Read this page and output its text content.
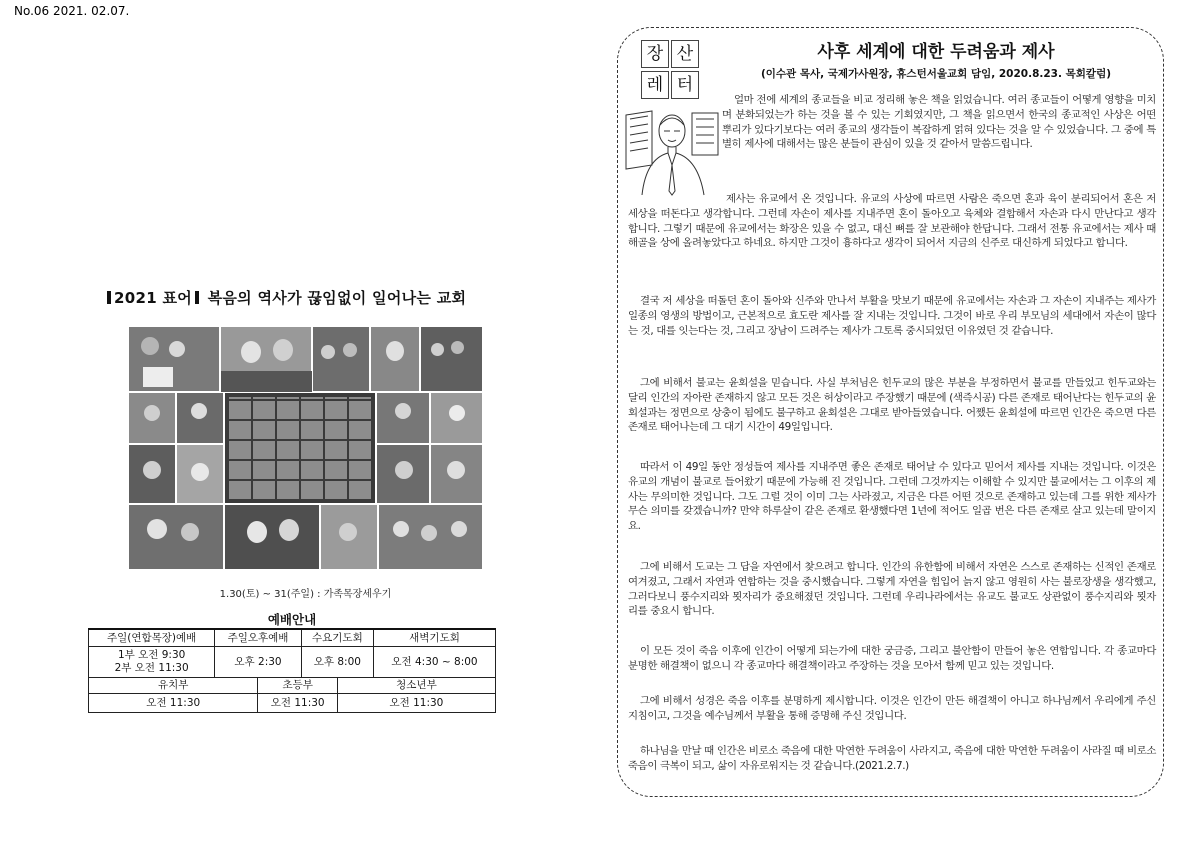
No.06 2021. 02.07.
2021 표어 복음의 역사가 끊임없이 일어나는 교회
1.30(토) ~ 31(주일) : 가족목장세우기
예배안내					
주일(연합목장)예배	주일오후예배		수요기도회		새벽기도회
1부 오전 9:30
2부 오전 11:30	오후 2:30		오후 8:00		오전 4:30 ~ 8:00
유치부		초등부		청소년부	
오전 11:30		오전 11:30		오전 11:30	
장 산
레 터
사후 세계에 대한 두려움과 제사
(이수관 목사, 국제가사원장, 휴스턴서울교회 담임, 2020.8.23. 목회칼럼)

얼마 전에 세계의 종교들을 비교 정리해 놓은 책을 읽었습니다. 여러 종교들이 어떻게 영향을 미치며 분화되었는가 하는 것을 볼 수 있는 기회였지만, 그 책을 읽으면서 한국의 종교적인 사상은 어떤 뿌리가 있다기보다는 여러 종교의 생각들이 복잡하게 얽혀 있다는 것을 알 수 있었습니다. 그 중에 특별히 제사에 대해서는 많은 분들이 관심이 있을 것 같아서 말씀드립니다.

제사는 유교에서 온 것입니다. 유교의 사상에 따르면 사람은 죽으면 혼과 육이 분리되어서 혼은 저 세상을 떠돈다고 생각합니다. 그런데 자손이 제사를 지내주면 혼이 돌아오고 육체와 결합해서 자손과 다시 만난다고 생각합니다. 그렇기 때문에 유교에서는 화장은 있을 수 없고, 대신 뼈를 잘 보관해야 한답니다. 그래서 전통 유교에서는 제사 때 해골을 상에 올려놓았다고 하네요. 하지만 그것이 흉하다고 생각이 되어서 지금의 신주로 대신하게 되었다고 합니다.

결국 저 세상을 떠돌던 혼이 돌아와 신주와 만나서 부활을 맛보기 때문에 유교에서는 자손과 그 자손이 지내주는 제사가 일종의 영생의 방법이고, 근본적으로 효도란 제사를 잘 지내는 것입니다. 그것이 바로 우리 부모님의 세대에서 자손이 많다는 것, 대를 잇는다는 것, 그리고 장남이 드려주는 제사가 그토록 중시되었던 이유였던 것 같습니다.

그에 비해서 불교는 윤회설을 믿습니다. 사실 부처님은 힌두교의 많은 부분을 부정하면서 불교를 만들었고 힌두교와는 달리 인간의 자아란 존재하지 않고 모든 것은 허상이라고 주장했기 때문에 (색즉시공) 다른 존재로 태어난다는 힌두교의 윤회설과는 정면으로 상충이 됨에도 불구하고 윤회설은 그대로 받아들였습니다. 어쨌든 윤회설에 따르면 인간은 죽으면 다른 존재로 태어나는데 그 대기 시간이 49일입니다.

따라서 이 49일 동안 정성들여 제사를 지내주면 좋은 존재로 태어날 수 있다고 믿어서 제사를 지내는 것입니다. 이것은 유교의 개념이 불교로 들어왔기 때문에 가능해 진 것입니다. 그런데 그것까지는 이해할 수 있지만 불교에서는 그 이후의 제사는 무의미한 것입니다. 그도 그럴 것이 이미 그는 사라졌고, 지금은 다른 어떤 것으로 존재하고 있는데 그를 위한 제사가 무슨 의미를 갖겠습니까? 만약 하루살이 같은 존재로 환생했다면 1년에 적어도 일곱 번은 다른 존재로 살고 있는데 말이지요.

그에 비해서 도교는 그 답을 자연에서 찾으려고 합니다. 인간의 유한함에 비해서 자연은 스스로 존재하는 신적인 존재로 여겨졌고, 그래서 자연과 연합하는 것을 중시했습니다. 그렇게 자연을 힘입어 늙지 않고 영원히 사는 불로장생을 생각했고, 그러다보니 풍수지리와 묏자리가 중요해졌던 것입니다. 그런데 우리나라에서는 유교도 불교도 상관없이 풍수지리와 묏자리를 중요시 합니다.

이 모든 것이 죽음 이후에 인간이 어떻게 되는가에 대한 궁금증, 그리고 불안함이 만들어 놓은 연합입니다. 각 종교마다 분명한 해결책이 없으니 각 종교마다 해결책이라고 주장하는 것을 모아서 함께 믿고 있는 것입니다.

그에 비해서 성경은 죽음 이후를 분명하게 제시합니다. 이것은 인간이 만든 해결책이 아니고 하나님께서 우리에게 주신 지침이고, 그것을 예수님께서 부활을 통해 증명해 주신 것입니다.

하나님을 만날 때 인간은 비로소 죽음에 대한 막연한 두려움이 사라지고, 죽음에 대한 막연한 두려움이 사라질 때 비로소 죽음이 극복이 되고, 삶이 자유로워지는 것 같습니다.(2021.2.7.)
